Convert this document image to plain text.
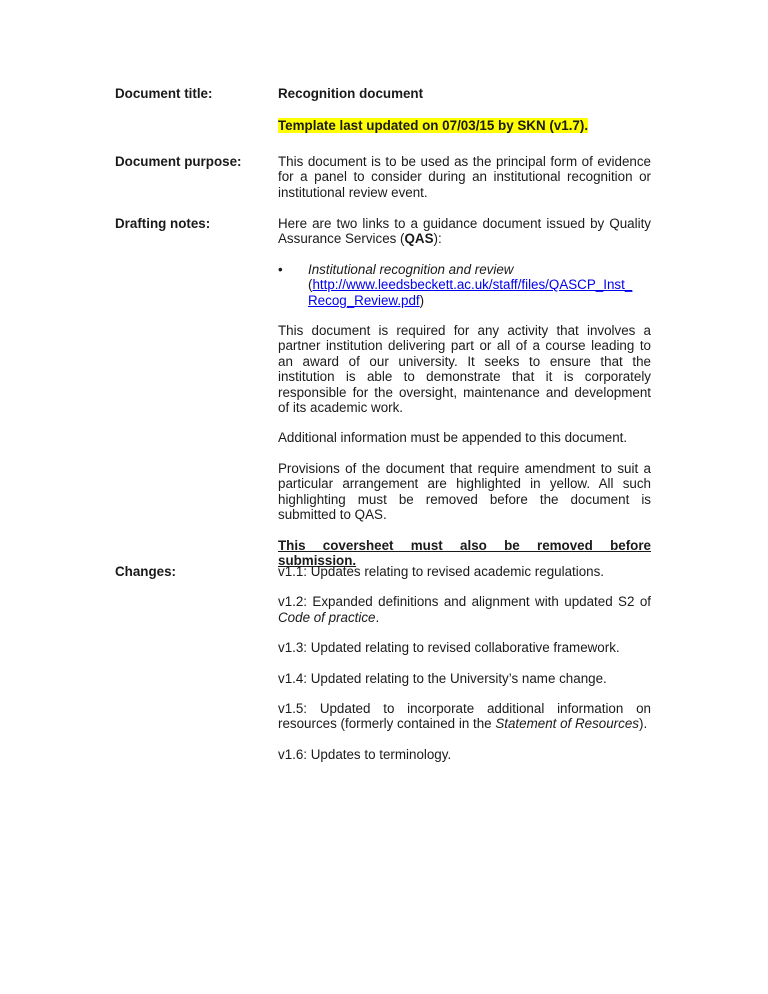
Document title:	Recognition document

Template last updated on 07/03/15 by SKN (v1.7).

Document purpose:	This document is to be used as the principal form of evidence for a panel to consider during an institutional recognition or institutional review event.

Drafting notes:	Here are two links to a guidance document issued by Quality Assurance Services (QAS):

• Institutional recognition and review
(http://www.leedsbeckett.ac.uk/staff/files/QASCP_Inst_ Recog_Review.pdf)

This document is required for any activity that involves a partner institution delivering part or all of a course leading to an award of our university. It seeks to ensure that the institution is able to demonstrate that it is corporately responsible for the oversight, maintenance and development of its academic work.

Additional information must be appended to this document.

Provisions of the document that require amendment to suit a particular arrangement are highlighted in yellow. All such highlighting must be removed before the document is submitted to QAS.

This coversheet must also be removed before submission.

Changes:	v1.1: Updates relating to revised academic regulations.

v1.2: Expanded definitions and alignment with updated S2 of Code of practice.

v1.3: Updated relating to revised collaborative framework.

v1.4: Updated relating to the University’s name change.

v1.5: Updated to incorporate additional information on resources (formerly contained in the Statement of Resources).

v1.6: Updates to terminology.
